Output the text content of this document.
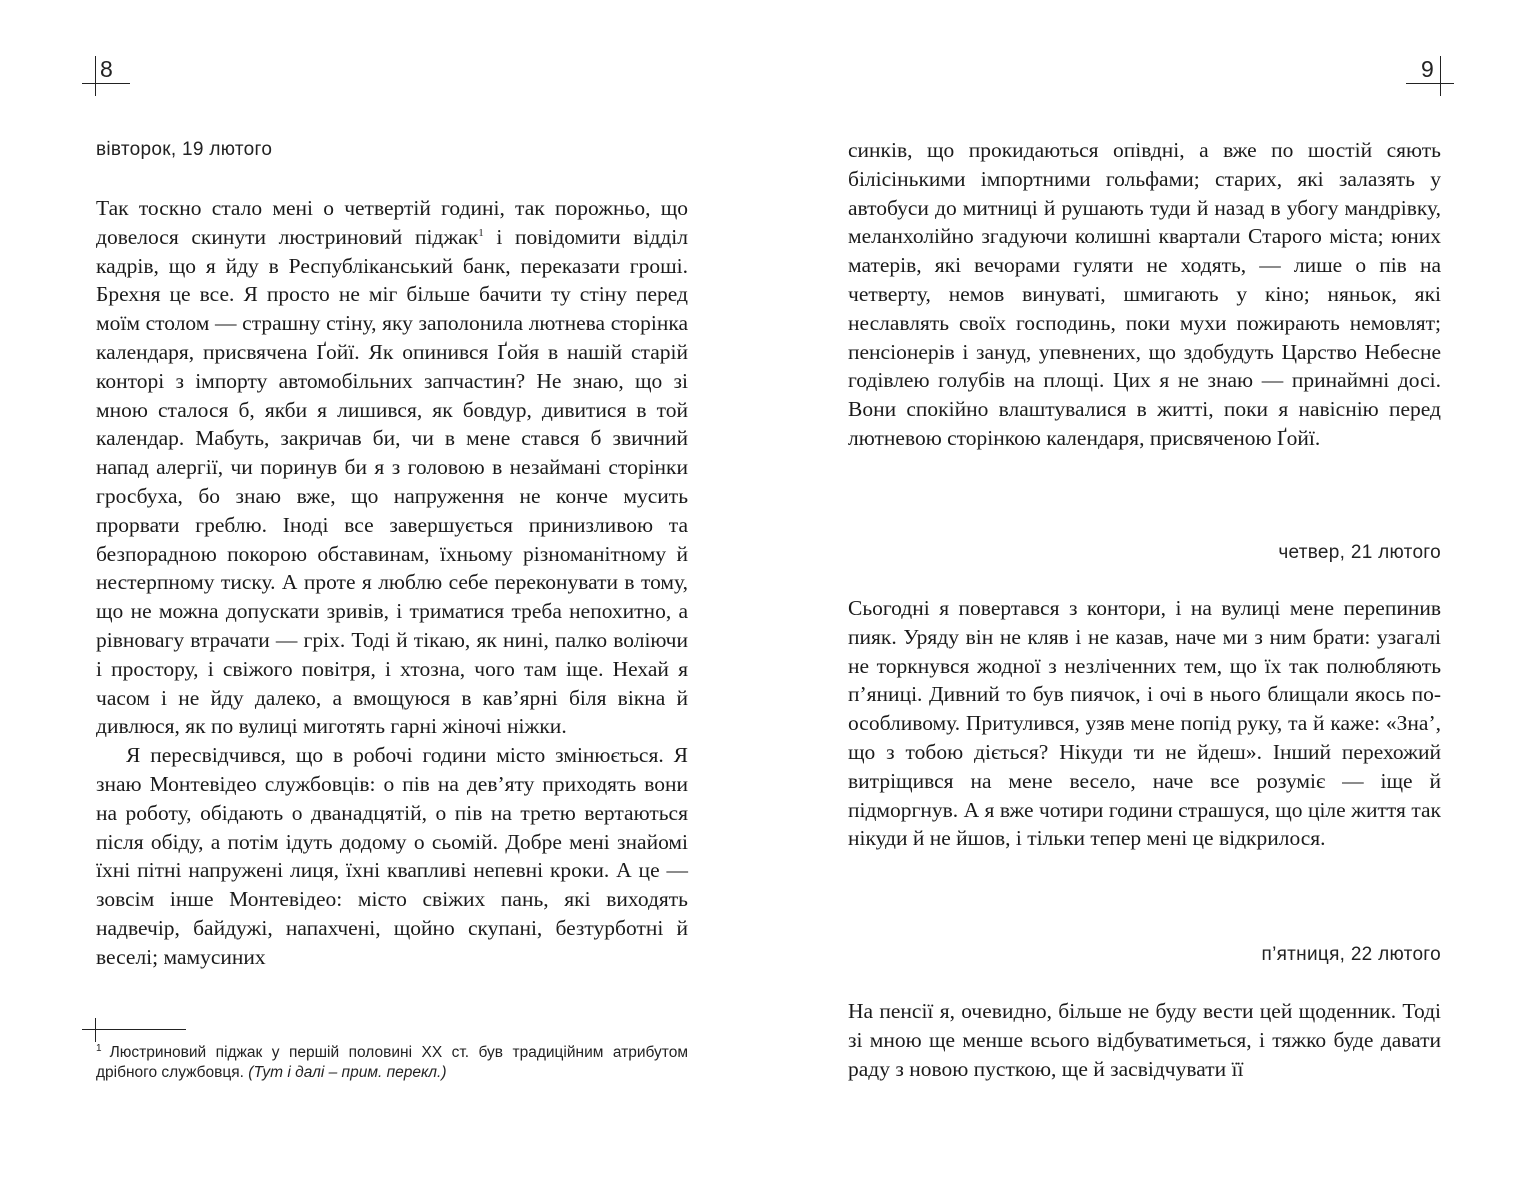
8
вівторок, 19 лютого

Так тоскно стало мені о четвертій годині, так порожньо, що довелося скинути люстриновий піджак$^1$ і повідомити відділ кадрів, що я йду в Республіканський банк, переказати гроші. Брехня це все. Я просто не міг більше бачити ту стіну перед моїм столом — страшну стіну, яку заполонила лютнева сторінка календаря, присвячена Ґойї. Як опинився Ґойя в нашій старій конторі з імпорту автомобільних запчастин? Не знаю, що зі мною сталося б, якби я лишився, як бовдур, дивитися в той календар. Мабуть, закричав би, чи в мене стався б звичний напад алергії, чи поринув би я з головою в незаймані сторінки гросбуха, бо знаю вже, що напруження не конче мусить прорвати греблю. Іноді все завершується принизливою та безпорадною покорою обставинам, їхньому різноманітному й нестерпному тиску. А проте я люблю себе переконувати в тому, що не можна допускати зривів, і триматися треба непохитно, а рівновагу втрачати — гріх. Тоді й тікаю, як нині, палко воліючи і простору, і свіжого повітря, і хтозна, чого там іще. Нехай я часом і не йду далеко, а вмощуюся в кав’ярні біля вікна й дивлюся, як по вулиці миготять гарні жіночі ніжки.

Я пересвідчився, що в робочі години місто змінюється. Я знаю Монтевідео службовців: о пів на дев’яту приходять вони на роботу, обідають о дванадцятій, о пів на третю вертаються після обіду, а потім ідуть додому о сьомій. Добре мені знайомі їхні пітні напружені лиця, їхні квапливі непевні кроки. А це — зовсім інше Монтевідео: місто свіжих пань, які виходять надвечір, байдужі, напахчені, щойно скупані, безтурботні й веселі; мамусиних

$^1$ Люстриновий піджак у першій половині XX ст. був традиційним атрибутом дрібного службовця. (Тут і далі – прим. перекл.)
9

синків, що прокидаються опівдні, а вже по шостій сяють білісінькими імпортними гольфами; старих, які залазять у автобуси до митниці й рушають туди й назад в убогу мандрівку, меланхолійно згадуючи колишні квартали Старого міста; юних матерів, які вечорами гуляти не ходять, — лише о пів на четверту, немов винуваті, шмигають у кіно; няньок, які неславлять своїх господинь, поки мухи пожирають немовлят; пенсіонерів і зануд, упевнених, що здобудуть Царство Небесне годівлею голубів на площі. Цих я не знаю — принаймні досі. Вони спокійно влаштувалися в житті, поки я навіснію перед лютневою сторінкою календаря, присвяченою Ґойї.

четвер, 21 лютого

Сьогодні я повертався з контори, і на вулиці мене перепинив пияк. Уряду він не кляв і не казав, наче ми з ним брати: узагалі не торкнувся жодної з незліченних тем, що їх так полюбляють п’яниці. Дивний то був пиячок, і очі в нього блищали якось по-особливому. Притулився, узяв мене попід руку, та й каже: «Зна’, що з тобою діється? Нікуди ти не йдеш». Інший перехожий витріщився на мене весело, наче все розуміє — іще й підморгнув. А я вже чотири години страшуся, що ціле життя так нікуди й не йшов, і тільки тепер мені це відкрилося.

п’ятниця, 22 лютого

На пенсії я, очевидно, більше не буду вести цей щоденник. Тоді зі мною ще менше всього відбуватиметься, і тяжко буде давати раду з новою пусткою, ще й засвідчувати її
